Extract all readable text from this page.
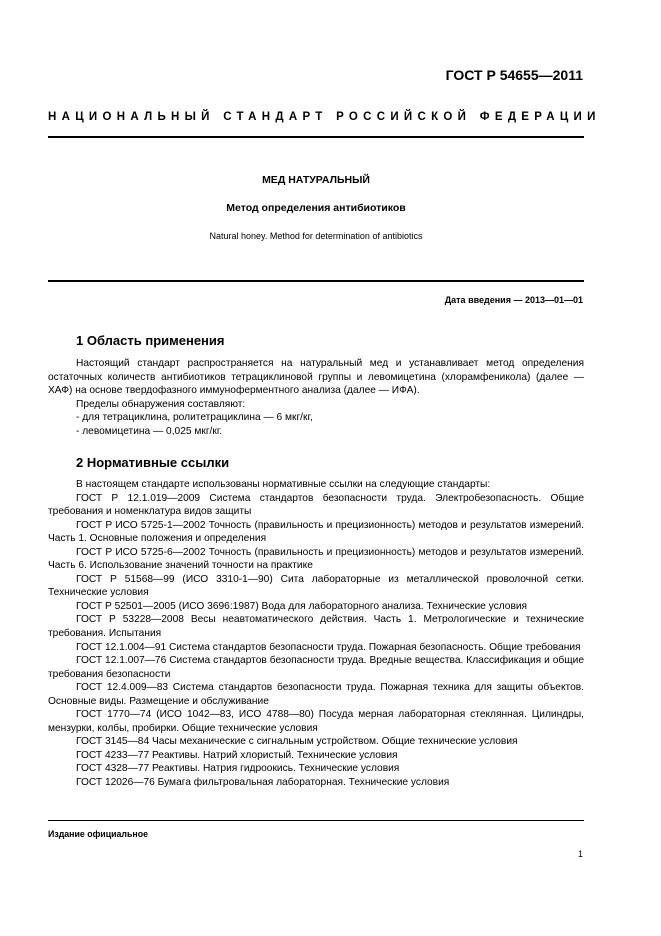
ГОСТ Р 54655—2011
НАЦИОНАЛЬНЫЙ СТАНДАРТ РОССИЙСКОЙ ФЕДЕРАЦИИ
МЕД НАТУРАЛЬНЫЙ
Метод определения антибиотиков
Natural honey. Method for determination of antibiotics
Дата введения — 2013—01—01
1 Область применения

Настоящий стандарт распространяется на натуральный мед и устанавливает метод определения остаточных количеств антибиотиков тетрациклиновой группы и левомицетина (хлорамфеникола) (далее — ХАФ) на основе твердофазного иммуноферментного анализа (далее — ИФА).

Пределы обнаружения составляют:

- для тетрациклина, ролитетрациклина — 6 мкг/кг,

- левомицетина — 0,025 мкг/кг.

2 Нормативные ссылки

В настоящем стандарте использованы нормативные ссылки на следующие стандарты:

ГОСТ Р 12.1.019—2009 Система стандартов безопасности труда. Электробезопасность. Общие требования и номенклатура видов защиты

ГОСТ Р ИСО 5725-1—2002 Точность (правильность и прецизионность) методов и результатов измерений. Часть 1. Основные положения и определения

ГОСТ Р ИСО 5725-6—2002 Точность (правильность и прецизионность) методов и результатов измерений. Часть 6. Использование значений точности на практике

ГОСТ Р 51568—99 (ИСО 3310-1—90) Сита лабораторные из металлической проволочной сетки. Технические условия

ГОСТ Р 52501—2005 (ИСО 3696:1987) Вода для лабораторного анализа. Технические условия

ГОСТ Р 53228—2008 Весы неавтоматического действия. Часть 1. Метрологические и технические требования. Испытания

ГОСТ 12.1.004—91 Система стандартов безопасности труда. Пожарная безопасность. Общие требования

ГОСТ 12.1.007—76 Система стандартов безопасности труда. Вредные вещества. Классификация и общие требования безопасности

ГОСТ 12.4.009—83 Система стандартов безопасности труда. Пожарная техника для защиты объектов. Основные виды. Размещение и обслуживание

ГОСТ 1770—74 (ИСО 1042—83, ИСО 4788—80) Посуда мерная лабораторная стеклянная. Цилиндры, мензурки, колбы, пробирки. Общие технические условия

ГОСТ 3145—84 Часы механические с сигнальным устройством. Общие технические условия

ГОСТ 4233—77 Реактивы. Натрий хлористый. Технические условия

ГОСТ 4328—77 Реактивы. Натрия гидроокись. Технические условия

ГОСТ 12026—76 Бумага фильтровальная лабораторная. Технические условия

Издание официальное
1
